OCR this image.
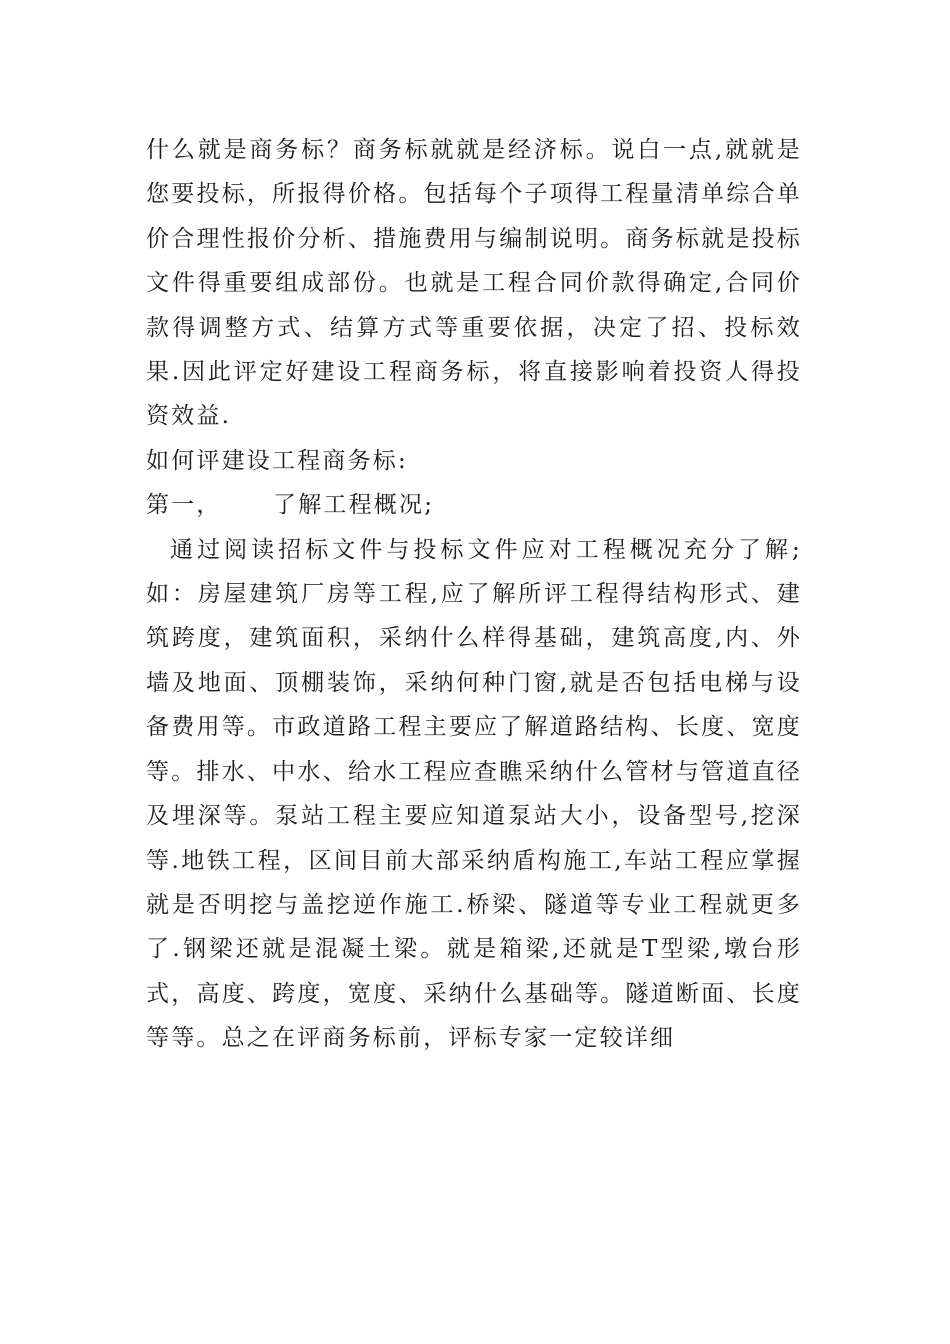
什么就是商务标？商务标就就是经济标。说白一点,就就是您要投标，所报得价格。包括每个子项得工程量清单综合单价合理性报价分析、措施费用与编制说明。商务标就是投标文件得重要组成部份。也就是工程合同价款得确定,合同价款得调整方式、结算方式等重要依据，决定了招、投标效果.因此评定好建设工程商务标，将直接影响着投资人得投资效益.

如何评建设工程商务标:

第一，	了解工程概况;

通过阅读招标文件与投标文件应对工程概况充分了解;如：房屋建筑厂房等工程,应了解所评工程得结构形式、建筑跨度，建筑面积，采纳什么样得基础，建筑高度,内、外墙及地面、顶棚装饰，采纳何种门窗,就是否包括电梯与设备费用等。市政道路工程主要应了解道路结构、长度、宽度等。排水、中水、给水工程应查瞧采纳什么管材与管道直径及埋深等。泵站工程主要应知道泵站大小，设备型号,挖深等.地铁工程，区间目前大部采纳盾构施工,车站工程应掌握就是否明挖与盖挖逆作施工.桥梁、隧道等专业工程就更多了.钢梁还就是混凝土梁。就是箱梁,还就是T型梁,墩台形式，高度、跨度，宽度、采纳什么基础等。隧道断面、长度等等。总之在评商务标前，评标专家一定较详细
